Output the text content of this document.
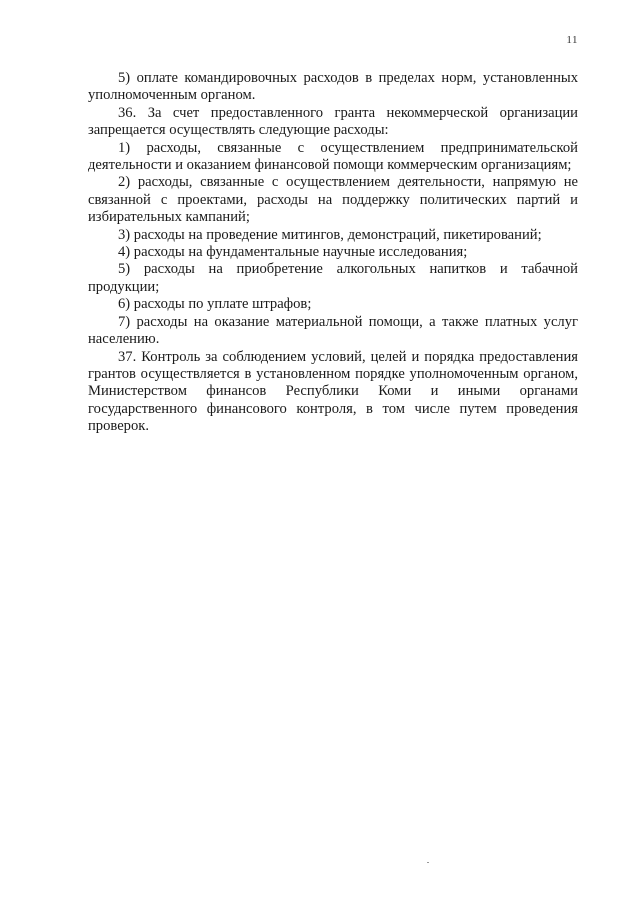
11

5) оплате командировочных расходов в пределах норм, установленных уполномоченным органом.

36. За счет предоставленного гранта некоммерческой организации запрещается осуществлять следующие расходы:

1) расходы, связанные с осуществлением предпринимательской деятельности и оказанием финансовой помощи коммерческим организациям;

2) расходы, связанные с осуществлением деятельности, напрямую не связанной с проектами, расходы на поддержку политических партий и избирательных кампаний;

3) расходы на проведение митингов, демонстраций, пикетирований;

4) расходы на фундаментальные научные исследования;

5) расходы на приобретение алкогольных напитков и табачной продукции;

6) расходы по уплате штрафов;

7) расходы на оказание материальной помощи, а также платных услуг населению.

37. Контроль за соблюдением условий, целей и порядка предоставления грантов осуществляется в установленном порядке уполномоченным органом, Министерством финансов Республики Коми и иными органами государственного финансового контроля, в том числе путем проведения проверок.
